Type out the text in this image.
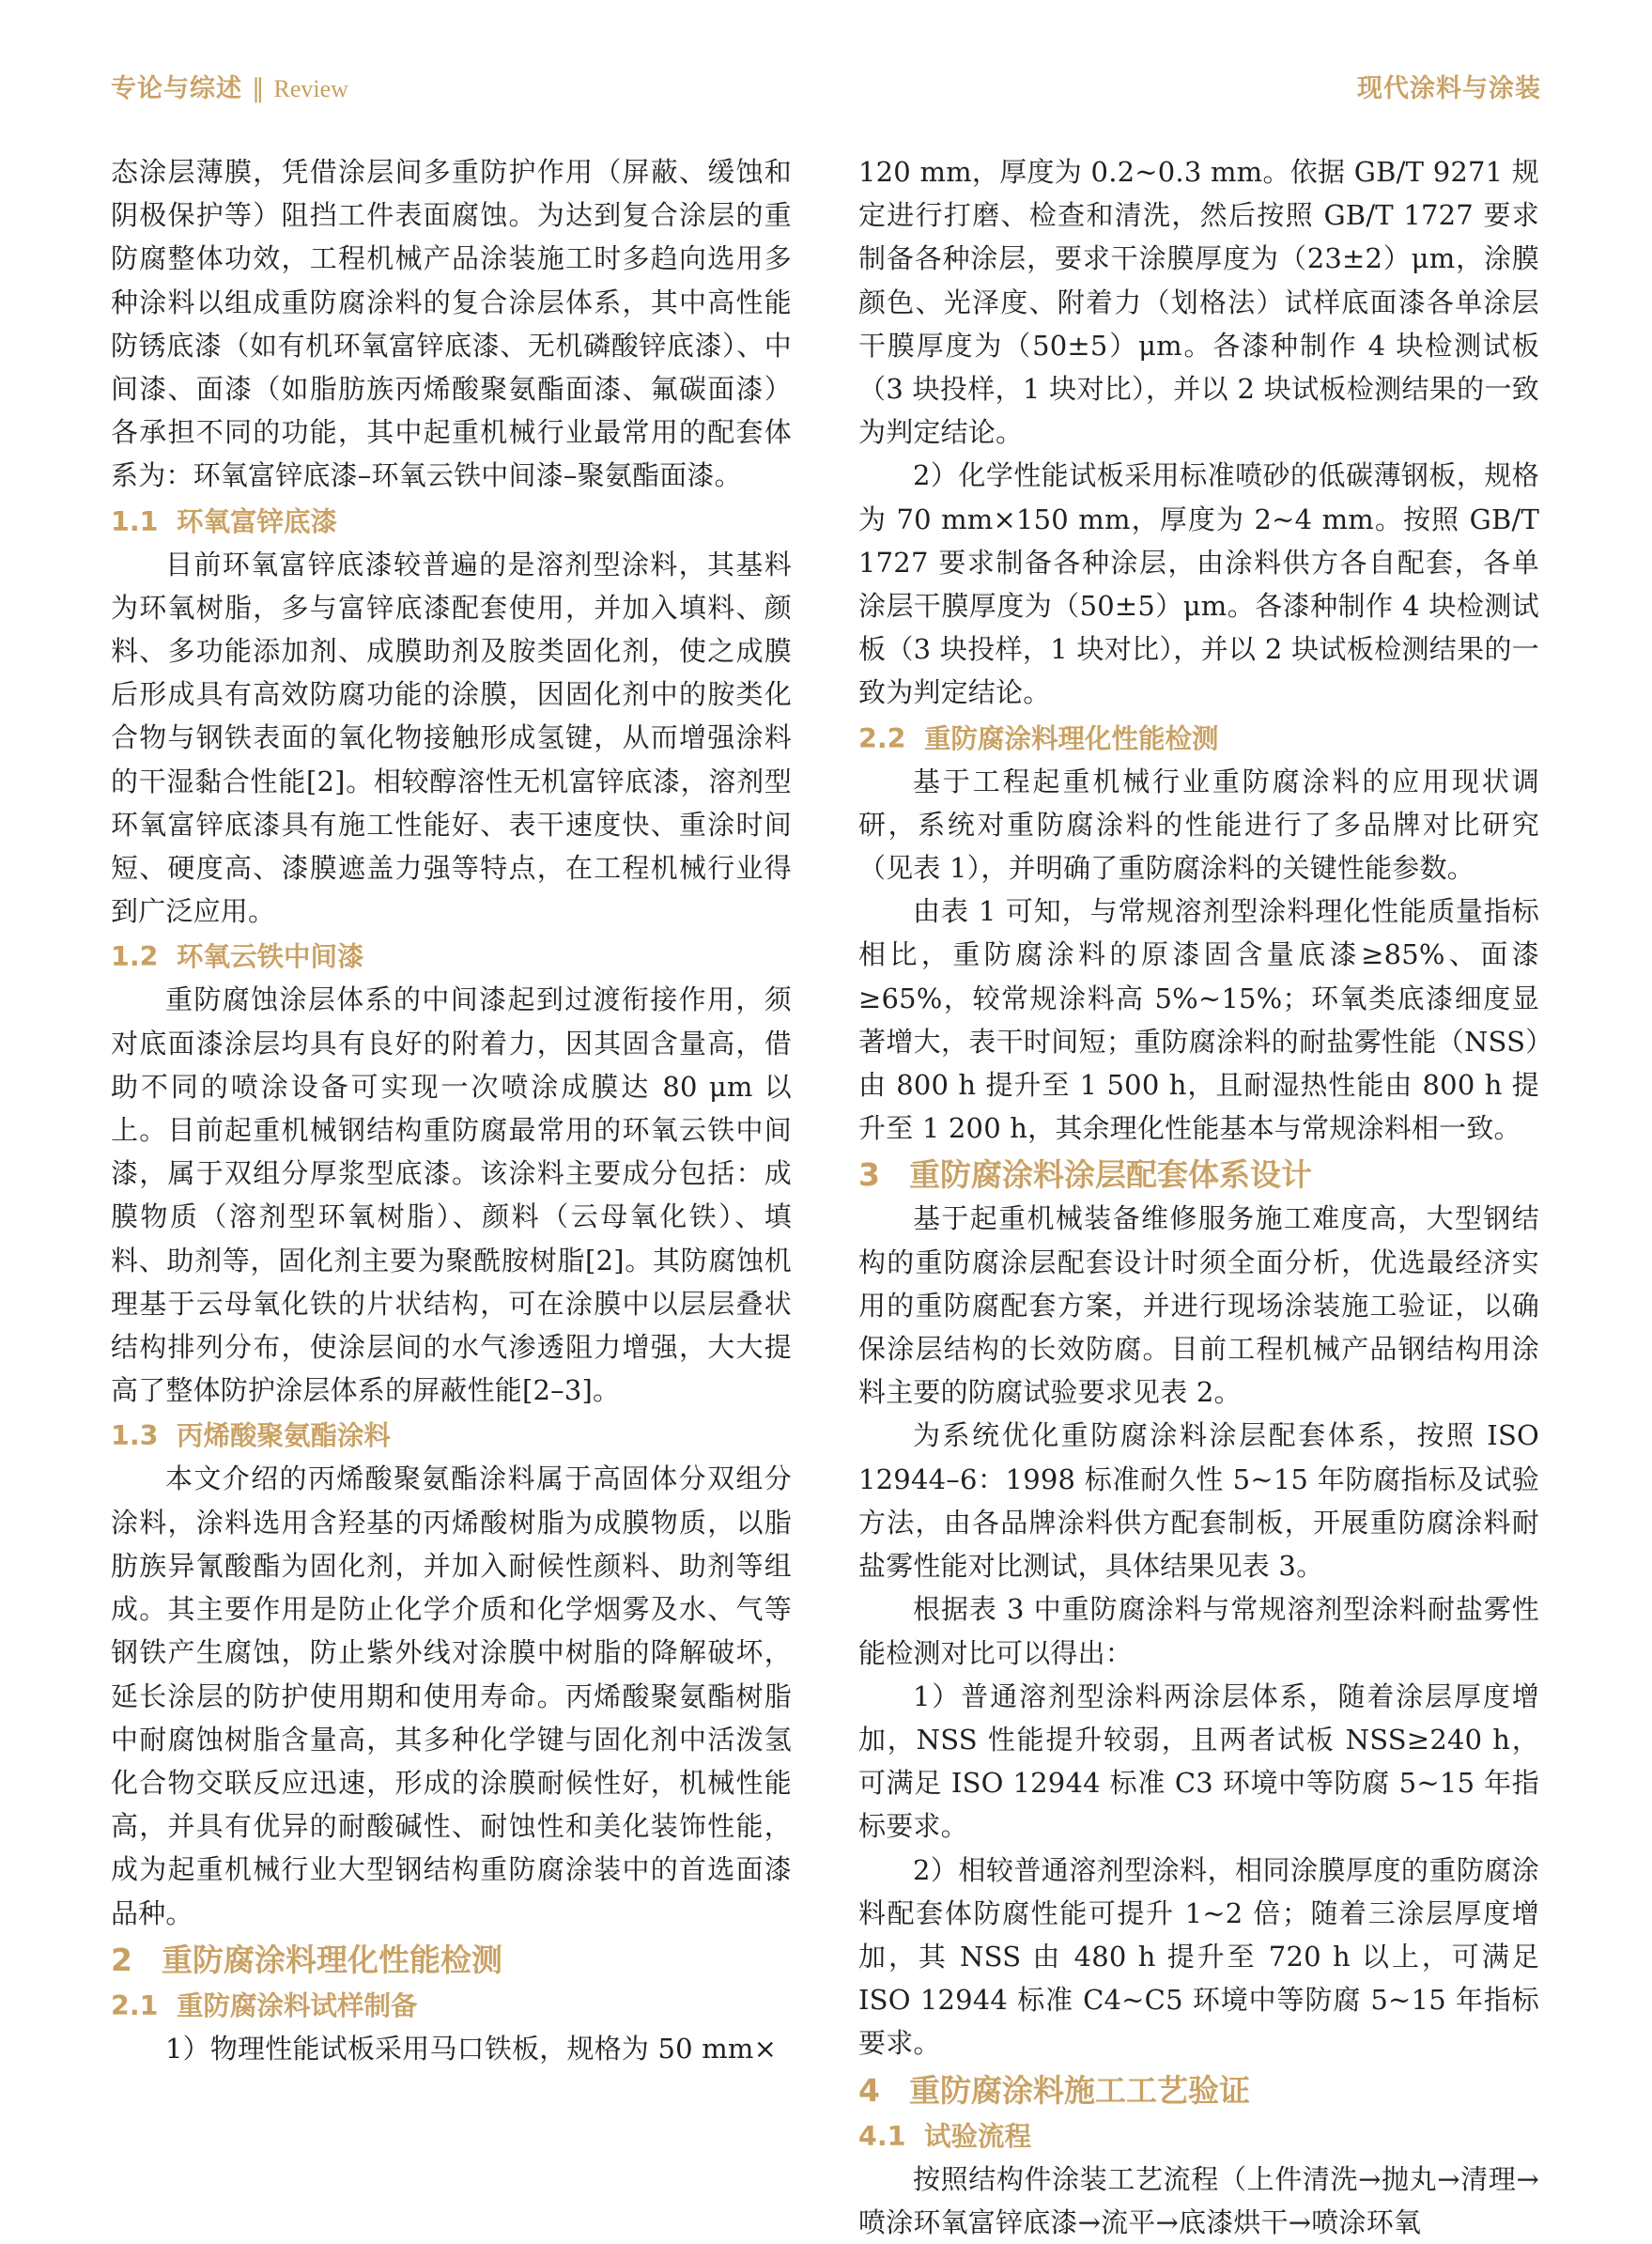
专论与综述 ‖ Review	现代涂料与涂装

态涂层薄膜，凭借涂层间多重防护作用（屏蔽、缓蚀和阴极保护等）阻挡工件表面腐蚀。为达到复合涂层的重防腐整体功效，工程机械产品涂装施工时多趋向选用多种涂料以组成重防腐涂料的复合涂层体系，其中高性能防锈底漆（如有机环氧富锌底漆、无机磷酸锌底漆）、中间漆、面漆（如脂肪族丙烯酸聚氨酯面漆、氟碳面漆）各承担不同的功能，其中起重机械行业最常用的配套体系为：环氧富锌底漆–环氧云铁中间漆–聚氨酯面漆。

1.1 环氧富锌底漆

目前环氧富锌底漆较普遍的是溶剂型涂料，其基料为环氧树脂，多与富锌底漆配套使用，并加入填料、颜料、多功能添加剂、成膜助剂及胺类固化剂，使之成膜后形成具有高效防腐功能的涂膜，因固化剂中的胺类化合物与钢铁表面的氧化物接触形成氢键，从而增强涂料的干湿黏合性能[2]。相较醇溶性无机富锌底漆，溶剂型环氧富锌底漆具有施工性能好、表干速度快、重涂时间短、硬度高、漆膜遮盖力强等特点，在工程机械行业得到广泛应用。

1.2 环氧云铁中间漆

重防腐蚀涂层体系的中间漆起到过渡衔接作用，须对底面漆涂层均具有良好的附着力，因其固含量高，借助不同的喷涂设备可实现一次喷涂成膜达 80 μm 以上。目前起重机械钢结构重防腐最常用的环氧云铁中间漆，属于双组分厚浆型底漆。该涂料主要成分包括：成膜物质（溶剂型环氧树脂）、颜料（云母氧化铁）、填料、助剂等，固化剂主要为聚酰胺树脂[2]。其防腐蚀机理基于云母氧化铁的片状结构，可在涂膜中以层层叠状结构排列分布，使涂层间的水气渗透阻力增强，大大提高了整体防护涂层体系的屏蔽性能[2–3]。

1.3 丙烯酸聚氨酯涂料

本文介绍的丙烯酸聚氨酯涂料属于高固体分双组分涂料，涂料选用含羟基的丙烯酸树脂为成膜物质，以脂肪族异氰酸酯为固化剂，并加入耐候性颜料、助剂等组成。其主要作用是防止化学介质和化学烟雾及水、气等钢铁产生腐蚀，防止紫外线对涂膜中树脂的降解破坏，延长涂层的防护使用期和使用寿命。丙烯酸聚氨酯树脂中耐腐蚀树脂含量高，其多种化学键与固化剂中活泼氢化合物交联反应迅速，形成的涂膜耐候性好，机械性能高，并具有优异的耐酸碱性、耐蚀性和美化装饰性能，成为起重机械行业大型钢结构重防腐涂装中的首选面漆品种。

2 重防腐涂料理化性能检测
2.1 重防腐涂料试样制备

1）物理性能试板采用马口铁板，规格为 50 mm×

120 mm，厚度为 0.2~0.3 mm。依据 GB/T 9271 规定进行打磨、检查和清洗，然后按照 GB/T 1727 要求制备各种涂层，要求干涂膜厚度为（23±2）μm，涂膜颜色、光泽度、附着力（划格法）试样底面漆各单涂层干膜厚度为（50±5）μm。各漆种制作 4 块检测试板（3 块投样，1 块对比），并以 2 块试板检测结果的一致为判定结论。

2）化学性能试板采用标准喷砂的低碳薄钢板，规格为 70 mm×150 mm，厚度为 2~4 mm。按照 GB/T 1727 要求制备各种涂层，由涂料供方各自配套，各单涂层干膜厚度为（50±5）μm。各漆种制作 4 块检测试板（3 块投样，1 块对比），并以 2 块试板检测结果的一致为判定结论。

2.2 重防腐涂料理化性能检测

基于工程起重机械行业重防腐涂料的应用现状调研，系统对重防腐涂料的性能进行了多品牌对比研究（见表 1），并明确了重防腐涂料的关键性能参数。

由表 1 可知，与常规溶剂型涂料理化性能质量指标相比，重防腐涂料的原漆固含量底漆≥85%、面漆≥65%，较常规涂料高 5%~15%；环氧类底漆细度显著增大，表干时间短；重防腐涂料的耐盐雾性能（NSS）由 800 h 提升至 1 500 h，且耐湿热性能由 800 h 提升至 1 200 h，其余理化性能基本与常规涂料相一致。

3 重防腐涂料涂层配套体系设计

基于起重机械装备维修服务施工难度高，大型钢结构的重防腐涂层配套设计时须全面分析，优选最经济实用的重防腐配套方案，并进行现场涂装施工验证，以确保涂层结构的长效防腐。目前工程机械产品钢结构用涂料主要的防腐试验要求见表 2。

为系统优化重防腐涂料涂层配套体系，按照 ISO 12944–6：1998 标准耐久性 5~15 年防腐指标及试验方法，由各品牌涂料供方配套制板，开展重防腐涂料耐盐雾性能对比测试，具体结果见表 3。

根据表 3 中重防腐涂料与常规溶剂型涂料耐盐雾性能检测对比可以得出：

1）普通溶剂型涂料两涂层体系，随着涂层厚度增加，NSS 性能提升较弱，且两者试板 NSS≥240 h，可满足 ISO 12944 标准 C3 环境中等防腐 5~15 年指标要求。

2）相较普通溶剂型涂料，相同涂膜厚度的重防腐涂料配套体防腐性能可提升 1~2 倍；随着三涂层厚度增加，其 NSS 由 480 h 提升至 720 h 以上，可满足 ISO 12944 标准 C4~C5 环境中等防腐 5~15 年指标要求。

4 重防腐涂料施工工艺验证
4.1 试验流程

按照结构件涂装工艺流程（上件清洗→抛丸→清理→喷涂环氧富锌底漆→流平→底漆烘干→喷涂环氧
